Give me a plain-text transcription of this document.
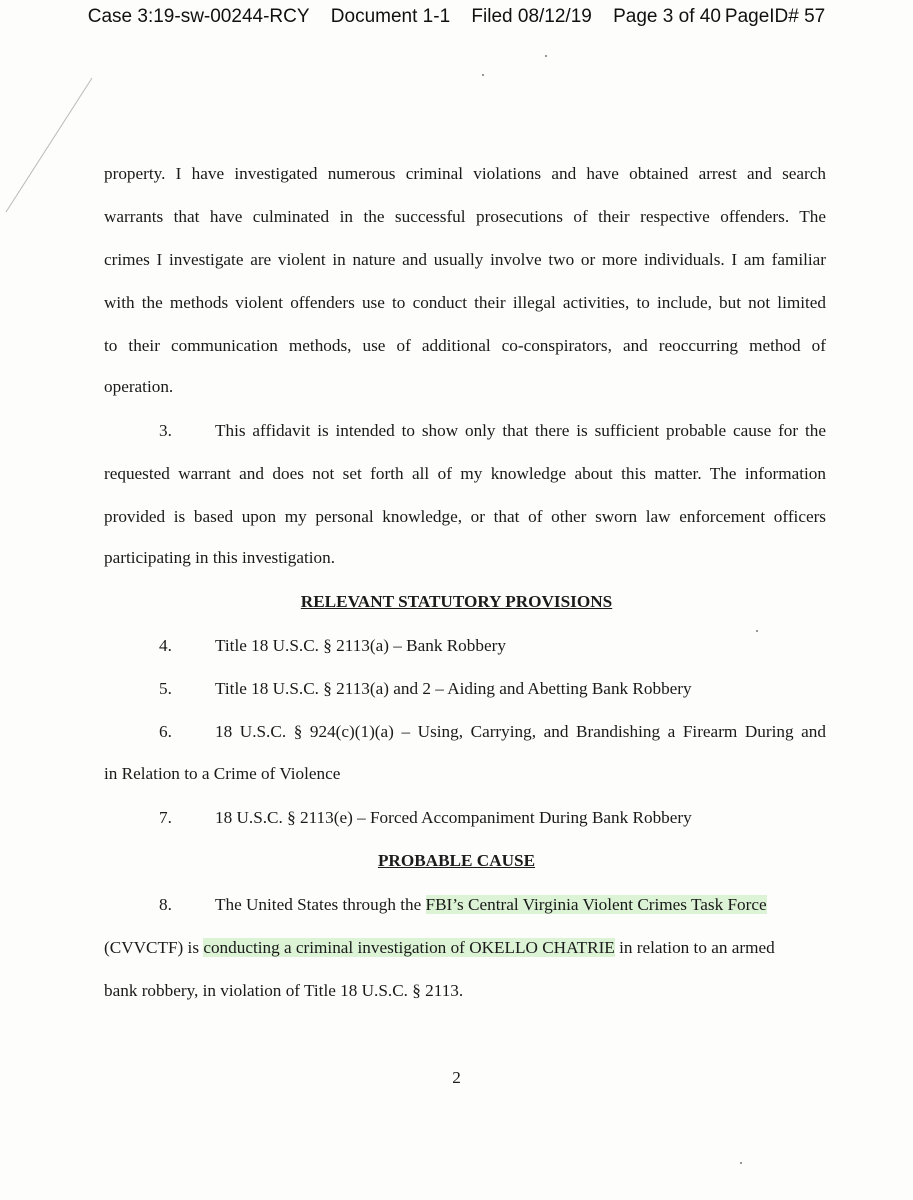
Case 3:19-sw-00244-RCY Document 1-1 Filed 08/12/19 Page 3 of 40 PageID# 57
property. I have investigated numerous criminal violations and have obtained arrest and search
warrants that have culminated in the successful prosecutions of their respective offenders. The
crimes I investigate are violent in nature and usually involve two or more individuals. I am familiar
with the methods violent offenders use to conduct their illegal activities, to include, but not limited
to their communication methods, use of additional co-conspirators, and reoccurring method of
operation.
3.	This affidavit is intended to show only that there is sufficient probable cause for the
requested warrant and does not set forth all of my knowledge about this matter. The information
provided is based upon my personal knowledge, or that of other sworn law enforcement officers
participating in this investigation.
RELEVANT STATUTORY PROVISIONS
4.	Title 18 U.S.C. § 2113(a) – Bank Robbery
5.	Title 18 U.S.C. § 2113(a) and 2 – Aiding and Abetting Bank Robbery
6.	18 U.S.C. § 924(c)(1)(a) – Using, Carrying, and Brandishing a Firearm During and
in Relation to a Crime of Violence
7.	18 U.S.C. § 2113(e) – Forced Accompaniment During Bank Robbery
PROBABLE CAUSE
8.	The United States through the FBI’s Central Virginia Violent Crimes Task Force
(CVVCTF) is conducting a criminal investigation of OKELLO CHATRIE in relation to an armed
bank robbery, in violation of Title 18 U.S.C. § 2113.
2
